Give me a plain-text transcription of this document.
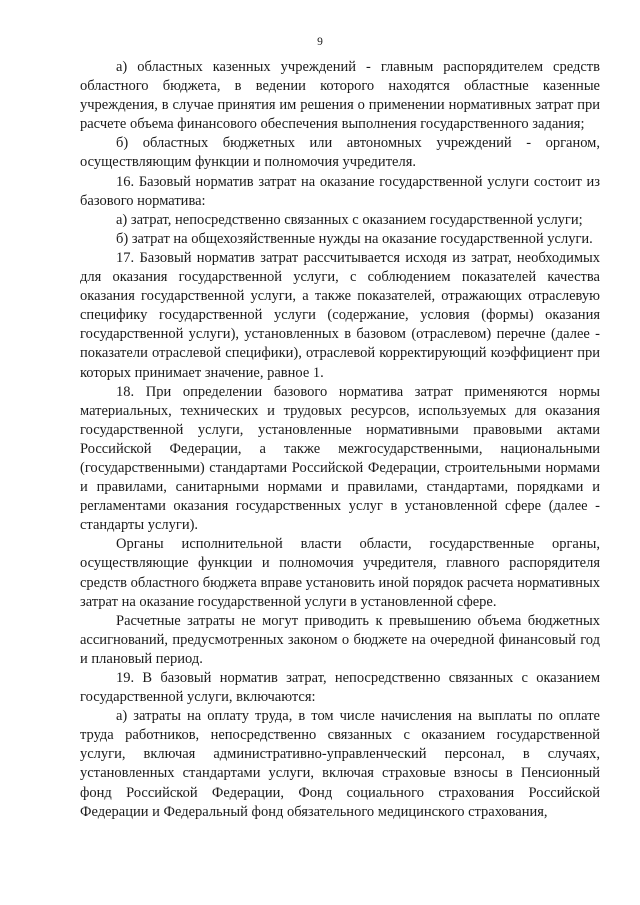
9

а) областных казенных учреждений - главным распорядителем средств областного бюджета, в ведении которого находятся областные казенные учреждения, в случае принятия им решения о применении нормативных затрат при расчете объема финансового обеспечения выполнения государственного задания;

б) областных бюджетных или автономных учреждений - органом, осуществляющим функции и полномочия учредителя.

16. Базовый норматив затрат на оказание государственной услуги состоит из базового норматива:

а) затрат, непосредственно связанных с оказанием государственной услуги;

б) затрат на общехозяйственные нужды на оказание государственной услуги.

17. Базовый норматив затрат рассчитывается исходя из затрат, необходимых для оказания государственной услуги, с соблюдением показателей качества оказания государственной услуги, а также показателей, отражающих отраслевую специфику государственной услуги (содержание, условия (формы) оказания государственной услуги), установленных в базовом (отраслевом) перечне (далее - показатели отраслевой специфики), отраслевой корректирующий коэффициент при которых принимает значение, равное 1.

18. При определении базового норматива затрат применяются нормы материальных, технических и трудовых ресурсов, используемых для оказания государственной услуги, установленные нормативными правовыми актами Российской Федерации, а также межгосударственными, национальными (государственными) стандартами Российской Федерации, строительными нормами и правилами, санитарными нормами и правилами, стандартами, порядками и регламентами оказания государственных услуг в установленной сфере (далее - стандарты услуги).

Органы исполнительной власти области, государственные органы, осуществляющие функции и полномочия учредителя, главного распорядителя средств областного бюджета вправе установить иной порядок расчета нормативных затрат на оказание государственной услуги в установленной сфере.

Расчетные затраты не могут приводить к превышению объема бюджетных ассигнований, предусмотренных законом о бюджете на очередной финансовый год и плановый период.

19. В базовый норматив затрат, непосредственно связанных с оказанием государственной услуги, включаются:

а) затраты на оплату труда, в том числе начисления на выплаты по оплате труда работников, непосредственно связанных с оказанием государственной услуги, включая административно-управленческий персонал, в случаях, установленных стандартами услуги, включая страховые взносы в Пенсионный фонд Российской Федерации, Фонд социального страхования Российской Федерации и Федеральный фонд обязательного медицинского страхования,
